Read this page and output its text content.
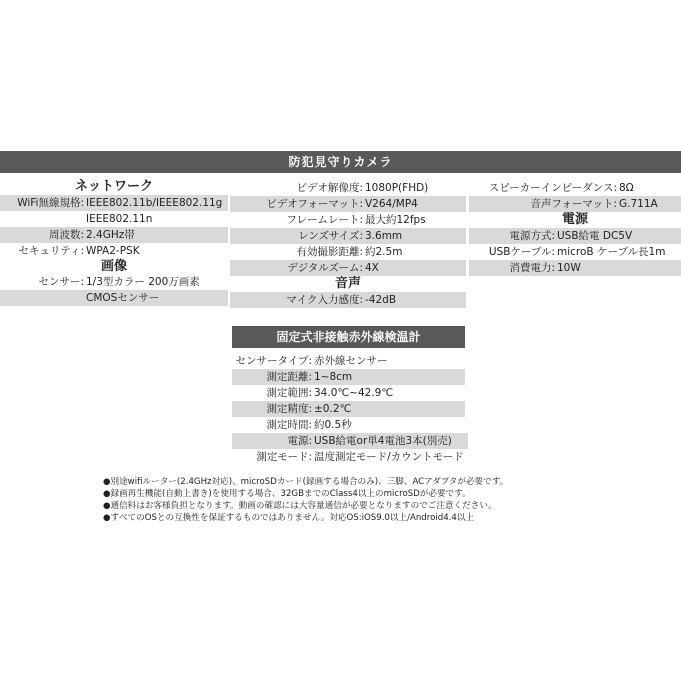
防犯見守りカメラ
ネットワーク
WiFi無線規格: IEEE802.11b/IEEE802.11g
IEEE802.11n
周波数: 2.4GHz帯
セキュリティ: WPA2-PSK
画像
センサー: 1/3型カラー 200万画素
CMOSセンサー
ビデオ解像度: 1080P(FHD)
ビデオフォーマット: V264/MP4
フレームレート: 最大約12fps
レンズサイズ: 3.6mm
有効撮影距離: 約2.5m
デジタルズーム: 4X
音声
マイク入力感度: -42dB
スピーカーインピーダンス: 8Ω
音声フォーマット: G.711A
電源
電源方式: USB給電 DC5V
USBケーブル: microB ケーブル長1m
消費電力: 10W
固定式非接触赤外線検温計
センサータイプ: 赤外線センサー
測定距離: 1~8cm
測定範囲: 34.0℃~42.9℃
測定精度: ±0.2℃
測定時間: 約0.5秒
電源: USB給電or単4電池3本(別売)
測定モード: 温度測定モード/カウントモード
●別途wifiルーター(2.4GHz対応)、microSDカード(録画する場合のみ)、三脚、ACアダプタが必要です。
●録画再生機能(自動上書き)を使用する場合、32GBまでのClass4以上のmicroSDが必要です。
●通信料はお客様負担となります。動画の確認には大容量通信が必要となりますのでご注意ください。
●すべてのOSとの互換性を保証するものではありません。対応OS:iOS9.0以上/Android4.4以上
